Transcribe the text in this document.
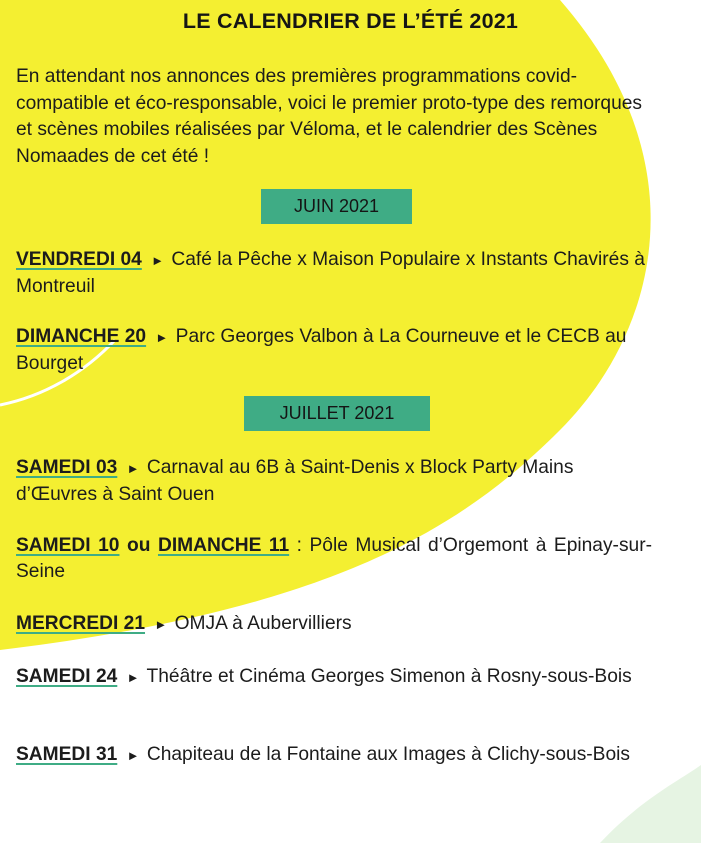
LE CALENDRIER DE L’ÉTÉ 2021

En attendant nos annonces des premières programmations covid-compatible et éco-responsable, voici le premier proto-type des remorques et scènes mobiles réalisées par Véloma, et le calendrier des Scènes Nomaades de cet été !

JUIN 2021

VENDREDI 04 ► Café la Pêche x Maison Populaire x Instants Chavirés à Montreuil

DIMANCHE 20 ► Parc Georges Valbon à La Courneuve et le CECB au Bourget

JUILLET 2021

SAMEDI 03 ► Carnaval au 6B à Saint-Denis x Block Party Mains d’Œuvres à Saint Ouen

SAMEDI 10 ou DIMANCHE 11 : Pôle Musical d’Orgemont à Epinay-sur-Seine

MERCREDI 21 ► OMJA à Aubervilliers

SAMEDI 24 ► Théâtre et Cinéma Georges Simenon à Rosny-sous-Bois

SAMEDI 31 ► Chapiteau de la Fontaine aux Images à Clichy-sous-Bois
